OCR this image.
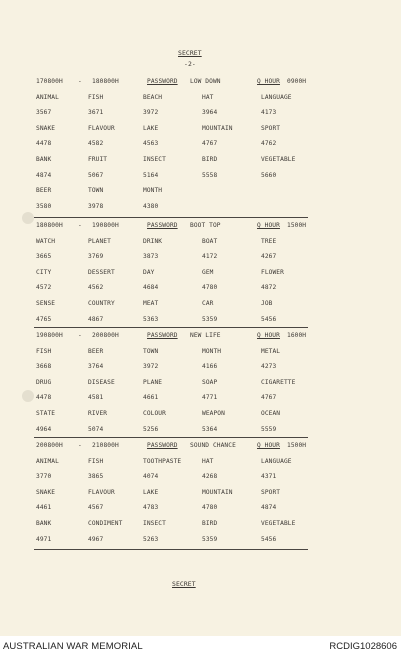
SECRET
-2-
170800H - 180800H	PASSWORD LOW DOWN	Q HOUR 0900H
ANIMAL	FISH	BEACH	HAT	LANGUAGE
3567	3671	3972	3964	4173
SNAKE	FLAVOUR	LAKE	MOUNTAIN	SPORT
4478	4582	4563	4767	4762
BANK	FRUIT	INSECT	BIRD	VEGETABLE
4874	5067	5164	5558	5660
BEER	TOWN	MONTH
3580	3978	4380
180800H - 190800H	PASSWORD BOOT TOP	Q HOUR 1500H
WATCH	PLANET	DRINK	BOAT	TREE
3665	3769	3873	4172	4267
CITY	DESSERT	DAY	GEM	FLOWER
4572	4562	4684	4780	4872
SENSE	COUNTRY	MEAT	CAR	JOB
4765	4867	5363	5359	5456
190800H - 200800H	PASSWORD NEW LIFE	Q HOUR 1600H
FISH	BEER	TOWN	MONTH	METAL
3668	3764	3972	4166	4273
DRUG	DISEASE	PLANE	SOAP	CIGARETTE
4478	4581	4661	4771	4767
STATE	RIVER	COLOUR	WEAPON	OCEAN
4964	5074	5256	5364	5559
200800H - 210800H	PASSWORD SOUND CHANCE	Q HOUR 1500H
ANIMAL	FISH	TOOTHPASTE	HAT	LANGUAGE
3770	3865	4074	4268	4371
SNAKE	FLAVOUR	LAKE	MOUNTAIN	SPORT
4461	4567	4783	4780	4874
BANK	CONDIMENT	INSECT	BIRD	VEGETABLE
4971	4967	5263	5359	5456
SECRET
AUSTRALIAN WAR MEMORIAL	RCDIG1028606
